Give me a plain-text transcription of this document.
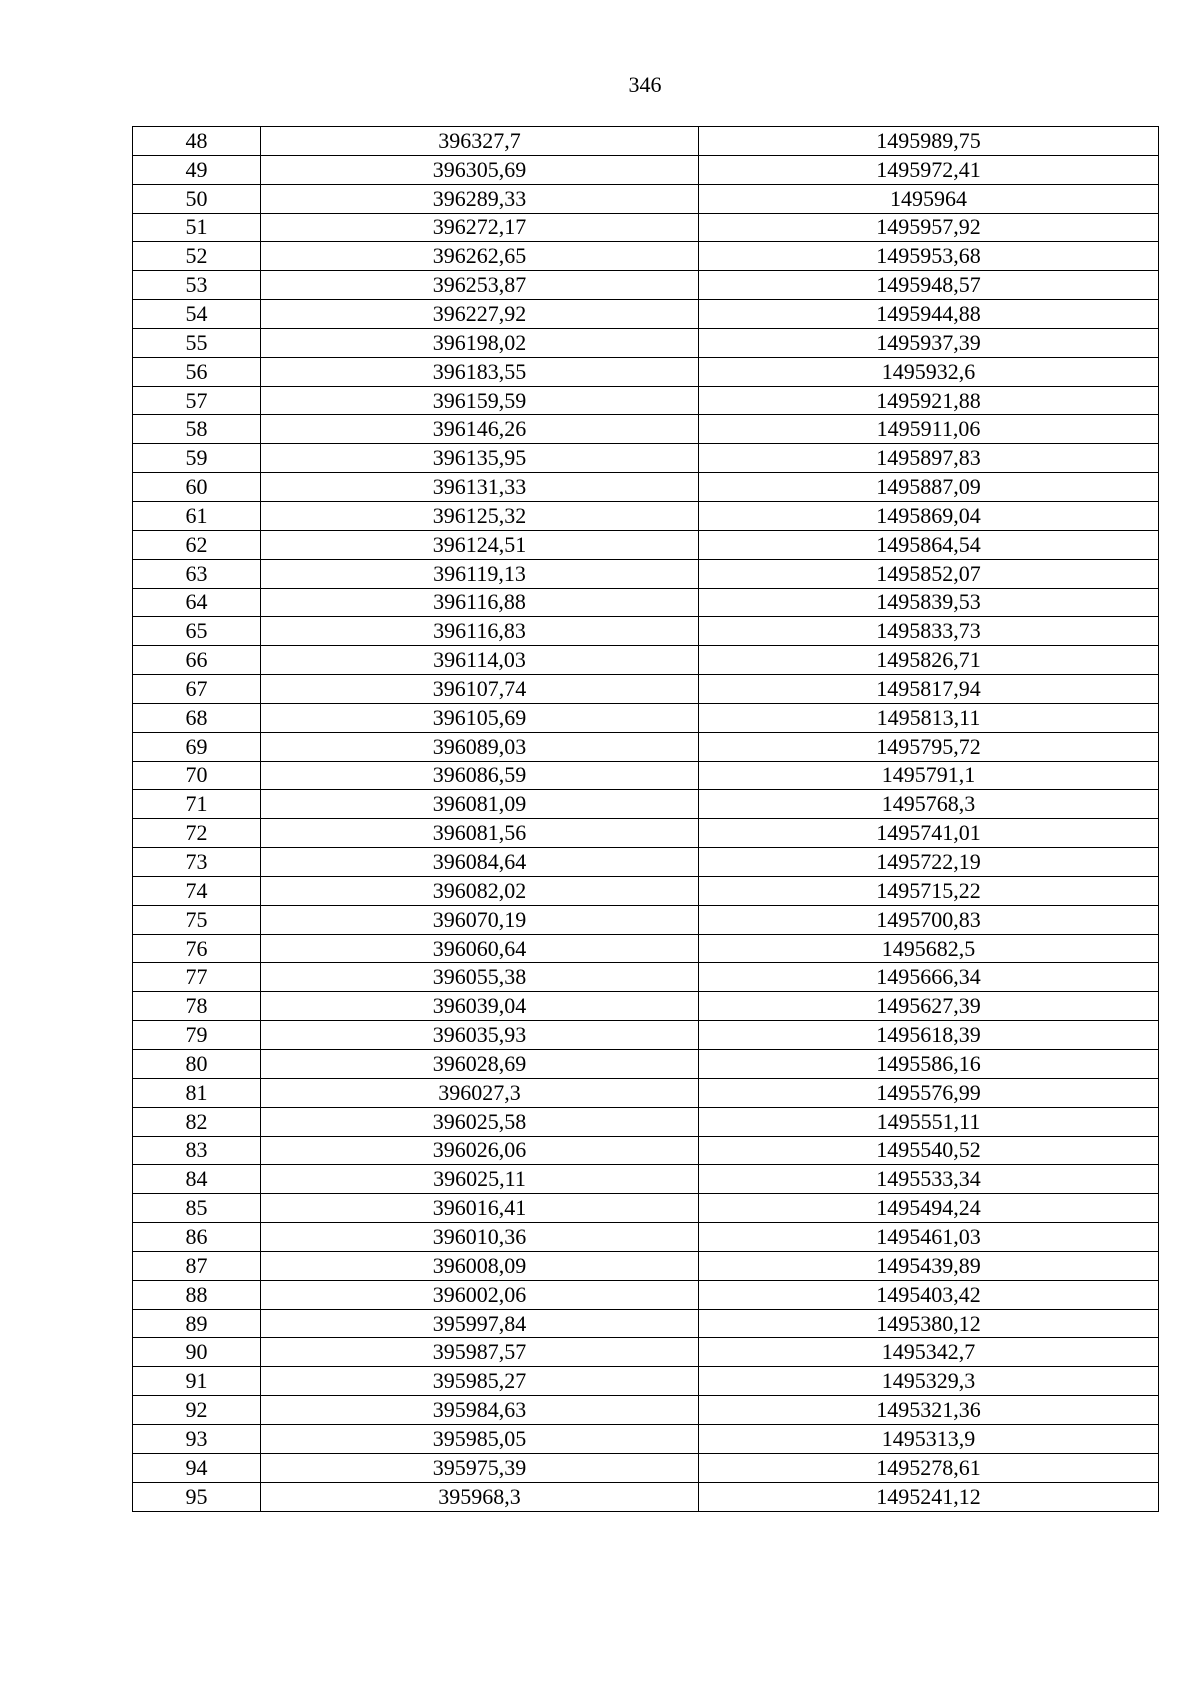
346
48	396327,7	1495989,75
49	396305,69	1495972,41
50	396289,33	1495964
51	396272,17	1495957,92
52	396262,65	1495953,68
53	396253,87	1495948,57
54	396227,92	1495944,88
55	396198,02	1495937,39
56	396183,55	1495932,6
57	396159,59	1495921,88
58	396146,26	1495911,06
59	396135,95	1495897,83
60	396131,33	1495887,09
61	396125,32	1495869,04
62	396124,51	1495864,54
63	396119,13	1495852,07
64	396116,88	1495839,53
65	396116,83	1495833,73
66	396114,03	1495826,71
67	396107,74	1495817,94
68	396105,69	1495813,11
69	396089,03	1495795,72
70	396086,59	1495791,1
71	396081,09	1495768,3
72	396081,56	1495741,01
73	396084,64	1495722,19
74	396082,02	1495715,22
75	396070,19	1495700,83
76	396060,64	1495682,5
77	396055,38	1495666,34
78	396039,04	1495627,39
79	396035,93	1495618,39
80	396028,69	1495586,16
81	396027,3	1495576,99
82	396025,58	1495551,11
83	396026,06	1495540,52
84	396025,11	1495533,34
85	396016,41	1495494,24
86	396010,36	1495461,03
87	396008,09	1495439,89
88	396002,06	1495403,42
89	395997,84	1495380,12
90	395987,57	1495342,7
91	395985,27	1495329,3
92	395984,63	1495321,36
93	395985,05	1495313,9
94	395975,39	1495278,61
95	395968,3	1495241,12
